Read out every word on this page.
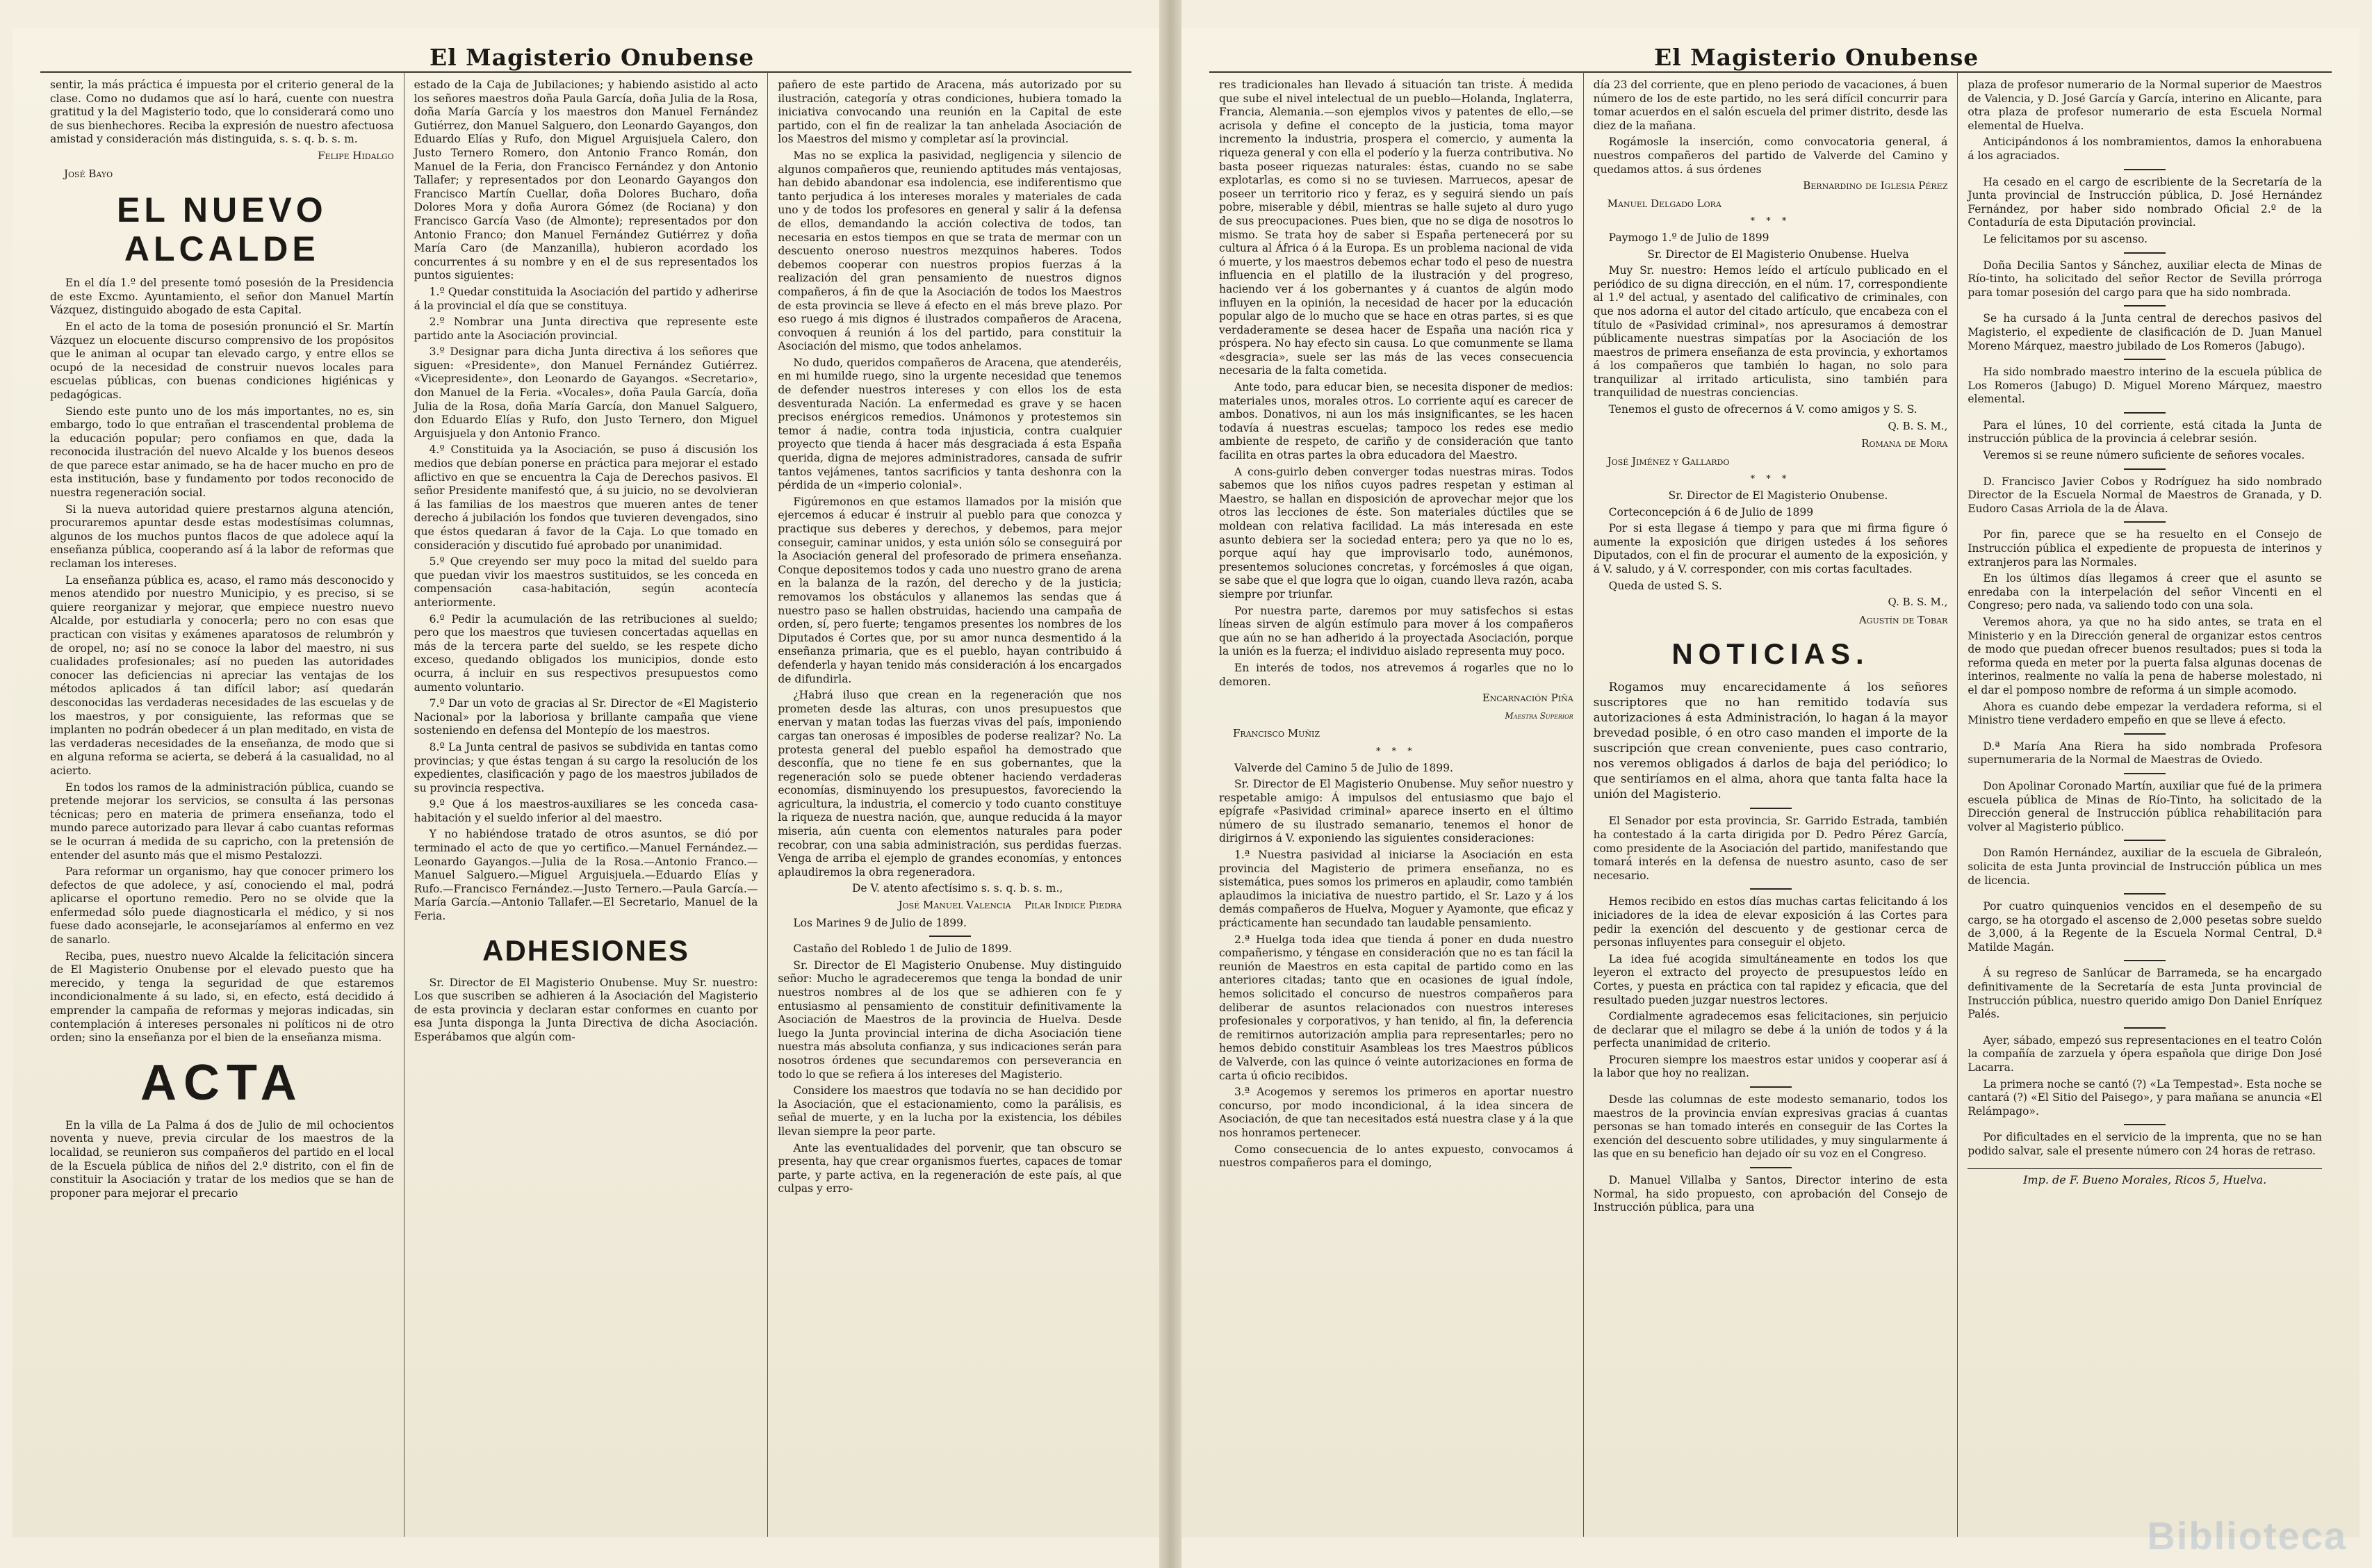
El Magisterio Onubense

sentir, la más práctica é impuesta por el criterio general de la clase. Como no dudamos que así lo hará, cuente con nuestra gratitud y la del Magisterio todo, que lo considerará como uno de sus bienhechores. Reciba la expresión de nuestro afectuosa amistad y consideración más distinguida, s. s. q. b. s. m.

Felipe Hidalgo
José Bayo
EL NUEVO ALCALDE

En el día 1.º del presente tomó posesión de la Presidencia de este Excmo. Ayuntamiento, el señor don Manuel Martín Vázquez, distinguido abogado de esta Capital.

En el acto de la toma de posesión pronunció el Sr. Martín Vázquez un elocuente discurso comprensivo de los propósitos que le animan al ocupar tan elevado cargo, y entre ellos se ocupó de la necesidad de construir nuevos locales para escuelas públicas, con buenas condiciones higiénicas y pedagógicas.

Siendo este punto uno de los más importantes, no es, sin embargo, todo lo que entrañan el trascendental problema de la educación popular; pero confiamos en que, dada la reconocida ilustración del nuevo Alcalde y los buenos deseos de que parece estar animado, se ha de hacer mucho en pro de esta institución, base y fundamento por todos reconocido de nuestra regeneración social.

Si la nueva autoridad quiere prestarnos alguna atención, procuraremos apuntar desde estas modestísimas columnas, algunos de los muchos puntos flacos de que adolece aquí la enseñanza pública, cooperando así á la labor de reformas que reclaman los intereses.

La enseñanza pública es, acaso, el ramo más desconocido y menos atendido por nuestro Municipio, y es preciso, si se quiere reorganizar y mejorar, que empiece nuestro nuevo Alcalde, por estudiarla y conocerla; pero no con esas que practican con visitas y exámenes aparatosos de relumbrón y de oropel, no; así no se conoce la labor del maestro, ni sus cualidades profesionales; así no pueden las autoridades conocer las deficiencias ni apreciar las ventajas de los métodos aplicados á tan difícil labor; así quedarán desconocidas las verdaderas necesidades de las escuelas y de los maestros, y por consiguiente, las reformas que se implanten no podrán obedecer á un plan meditado, en vista de las verdaderas necesidades de la enseñanza, de modo que si en alguna reforma se acierta, se deberá á la casualidad, no al acierto.

En todos los ramos de la administración pública, cuando se pretende mejorar los servicios, se consulta á las personas técnicas; pero en materia de primera enseñanza, todo el mundo parece autorizado para llevar á cabo cuantas reformas se le ocurran á medida de su capricho, con la pretensión de entender del asunto más que el mismo Pestalozzi.

Para reformar un organismo, hay que conocer primero los defectos de que adolece, y así, conociendo el mal, podrá aplicarse el oportuno remedio. Pero no se olvide que la enfermedad sólo puede diagnosticarla el médico, y si nos fuese dado aconsejarle, le aconsejaríamos al enfermo en vez de sanarlo.

Reciba, pues, nuestro nuevo Alcalde la felicitación sincera de El Magisterio Onubense por el elevado puesto que ha merecido, y tenga la seguridad de que estaremos incondicionalmente á su lado, si, en efecto, está decidido á emprender la campaña de reformas y mejoras indicadas, sin contemplación á intereses personales ni políticos ni de otro orden; sino la enseñanza por el bien de la enseñanza misma.

ACTA

En la villa de La Palma á dos de Julio de mil ochocientos noventa y nueve, previa circular de los maestros de la localidad, se reunieron sus compañeros del partido en el local de la Escuela pública de niños del 2.º distrito, con el fin de constituir la Asociación y tratar de los medios que se han de proponer para mejorar el precario

estado de la Caja de Jubilaciones; y habiendo asistido al acto los señores maestros doña Paula García, doña Julia de la Rosa, doña María García y los maestros don Manuel Fernández Gutiérrez, don Manuel Salguero, don Leonardo Gayangos, don Eduardo Elías y Rufo, don Miguel Arguisjuela Calero, don Justo Ternero Romero, don Antonio Franco Román, don Manuel de la Feria, don Francisco Fernández y don Antonio Tallafer; y representados por don Leonardo Gayangos don Francisco Martín Cuellar, doña Dolores Bucharo, doña Dolores Mora y doña Aurora Gómez (de Rociana) y don Francisco García Vaso (de Almonte); representados por don Antonio Franco; don Manuel Fernández Gutiérrez y doña María Caro (de Manzanilla), hubieron acordado los concurrentes á su nombre y en el de sus representados los puntos siguientes:

1.º Quedar constituida la Asociación del partido y adherirse á la provincial el día que se constituya.

2.º Nombrar una Junta directiva que represente este partido ante la Asociación provincial.

3.º Designar para dicha Junta directiva á los señores que siguen: «Presidente», don Manuel Fernández Gutiérrez. «Vicepresidente», don Leonardo de Gayangos. «Secretario», don Manuel de la Feria. «Vocales», doña Paula García, doña Julia de la Rosa, doña María García, don Manuel Salguero, don Eduardo Elías y Rufo, don Justo Ternero, don Miguel Arguisjuela y don Antonio Franco.

4.º Constituida ya la Asociación, se puso á discusión los medios que debían ponerse en práctica para mejorar el estado aflictivo en que se encuentra la Caja de Derechos pasivos. El señor Presidente manifestó que, á su juicio, no se devolvieran á las familias de los maestros que mueren antes de tener derecho á jubilación los fondos que tuvieren devengados, sino que éstos quedaran á favor de la Caja. Lo que tomado en consideración y discutido fué aprobado por unanimidad.

5.º Que creyendo ser muy poco la mitad del sueldo para que puedan vivir los maestros sustituidos, se les conceda en compensación casa-habitación, según acontecía anteriormente.

6.º Pedir la acumulación de las retribuciones al sueldo; pero que los maestros que tuviesen concertadas aquellas en más de la tercera parte del sueldo, se les respete dicho exceso, quedando obligados los municipios, donde esto ocurra, á incluir en sus respectivos presupuestos como aumento voluntario.

7.º Dar un voto de gracias al Sr. Director de «El Magisterio Nacional» por la laboriosa y brillante campaña que viene sosteniendo en defensa del Montepío de los maestros.

8.º La Junta central de pasivos se subdivida en tantas como provincias; y que éstas tengan á su cargo la resolución de los expedientes, clasificación y pago de los maestros jubilados de su provincia respectiva.

9.º Que á los maestros-auxiliares se les conceda casa-habitación y el sueldo inferior al del maestro.

Y no habiéndose tratado de otros asuntos, se dió por terminado el acto de que yo certifico.—Manuel Fernández.—Leonardo Gayangos.—Julia de la Rosa.—Antonio Franco.—Manuel Salguero.—Miguel Arguisjuela.—Eduardo Elías y Rufo.—Francisco Fernández.—Justo Ternero.—Paula García.—María García.—Antonio Tallafer.—El Secretario, Manuel de la Feria.

ADHESIONES

Sr. Director de El Magisterio Onubense. Muy Sr. nuestro: Los que suscriben se adhieren á la Asociación del Magisterio de esta provincia y declaran estar conformes en cuanto por esa Junta disponga la Junta Directiva de dicha Asociación. Esperábamos que algún com-

pañero de este partido de Aracena, más autorizado por su ilustración, categoría y otras condiciones, hubiera tomado la iniciativa convocando una reunión en la Capital de este partido, con el fin de realizar la tan anhelada Asociación de los Maestros del mismo y completar así la provincial.

Mas no se explica la pasividad, negligencia y silencio de algunos compañeros que, reuniendo aptitudes más ventajosas, han debido abandonar esa indolencia, ese indiferentismo que tanto perjudica á los intereses morales y materiales de cada uno y de todos los profesores en general y salir á la defensa de ellos, demandando la acción colectiva de todos, tan necesaria en estos tiempos en que se trata de mermar con un descuento oneroso nuestros mezquinos haberes. Todos debemos cooperar con nuestros propios fuerzas á la realización del gran pensamiento de nuestros dignos compañeros, á fin de que la Asociación de todos los Maestros de esta provincia se lleve á efecto en el más breve plazo. Por eso ruego á mis dignos é ilustrados compañeros de Aracena, convoquen á reunión á los del partido, para constituir la Asociación del mismo, que todos anhelamos.

No dudo, queridos compañeros de Aracena, que atenderéis, en mi humilde ruego, sino la urgente necesidad que tenemos de defender nuestros intereses y con ellos los de esta desventurada Nación. La enfermedad es grave y se hacen precisos enérgicos remedios. Unámonos y protestemos sin temor á nadie, contra toda injusticia, contra cualquier proyecto que tienda á hacer más desgraciada á esta España querida, digna de mejores administradores, cansada de sufrir tantos vejámenes, tantos sacrificios y tanta deshonra con la pérdida de un «imperio colonial».

Figúremonos en que estamos llamados por la misión que ejercemos á educar é instruir al pueblo para que conozca y practique sus deberes y derechos, y debemos, para mejor conseguir, caminar unidos, y esta unión sólo se conseguirá por la Asociación general del profesorado de primera enseñanza. Conque depositemos todos y cada uno nuestro grano de arena en la balanza de la razón, del derecho y de la justicia; removamos los obstáculos y allanemos las sendas que á nuestro paso se hallen obstruidas, haciendo una campaña de orden, sí, pero fuerte; tengamos presentes los nombres de los Diputados é Cortes que, por su amor nunca desmentido á la enseñanza primaria, que es el pueblo, hayan contribuido á defenderla y hayan tenido más consideración á los encargados de difundirla.

¿Habrá iluso que crean en la regeneración que nos prometen desde las alturas, con unos presupuestos que enervan y matan todas las fuerzas vivas del país, imponiendo cargas tan onerosas é imposibles de poderse realizar? No. La protesta general del pueblo español ha demostrado que desconfía, que no tiene fe en sus gobernantes, que la regeneración solo se puede obtener haciendo verdaderas economías, disminuyendo los presupuestos, favoreciendo la agricultura, la industria, el comercio y todo cuanto constituye la riqueza de nuestra nación, que, aunque reducida á la mayor miseria, aún cuenta con elementos naturales para poder recobrar, con una sabia administración, sus perdidas fuerzas. Venga de arriba el ejemplo de grandes economías, y entonces aplaudiremos la obra regeneradora.

De V. atento afectísimo s. s. q. b. s. m.,

José Manuel Valencia Pilar Indice Piedra

Los Marines 9 de Julio de 1899.

Castaño del Robledo 1 de Julio de 1899.

Sr. Director de El Magisterio Onubense. Muy distinguido señor: Mucho le agradeceremos que tenga la bondad de unir nuestros nombres al de los que se adhieren con fe y entusiasmo al pensamiento de constituir definitivamente la Asociación de Maestros de la provincia de Huelva. Desde luego la Junta provincial interina de dicha Asociación tiene nuestra más absoluta confianza, y sus indicaciones serán para nosotros órdenes que secundaremos con perseverancia en todo lo que se refiera á los intereses del Magisterio.

Considere los maestros que todavía no se han decidido por la Asociación, que el estacionamiento, como la parálisis, es señal de muerte, y en la lucha por la existencia, los débiles llevan siempre la peor parte.

Ante las eventualidades del porvenir, que tan obscuro se presenta, hay que crear organismos fuertes, capaces de tomar parte, y parte activa, en la regeneración de este país, al que culpas y erro-

El Magisterio Onubense

res tradicionales han llevado á situación tan triste. Á medida que sube el nivel intelectual de un pueblo—Holanda, Inglaterra, Francia, Alemania.—son ejemplos vivos y patentes de ello,—se acrisola y define el concepto de la justicia, toma mayor incremento la industria, prospera el comercio, y aumenta la riqueza general y con ella el poderío y la fuerza contributiva. No basta poseer riquezas naturales: éstas, cuando no se sabe explotarlas, es como si no se tuviesen. Marruecos, apesar de poseer un territorio rico y feraz, es y seguirá siendo un país pobre, miserable y débil, mientras se halle sujeto al duro yugo de sus preocupaciones. Pues bien, que no se diga de nosotros lo mismo. Se trata hoy de saber si España pertenecerá por su cultura al África ó á la Europa. Es un problema nacional de vida ó muerte, y los maestros debemos echar todo el peso de nuestra influencia en el platillo de la ilustración y del progreso, haciendo ver á los gobernantes y á cuantos de algún modo influyen en la opinión, la necesidad de hacer por la educación popular algo de lo mucho que se hace en otras partes, si es que verdaderamente se desea hacer de España una nación rica y próspera. No hay efecto sin causa. Lo que comunmente se llama «desgracia», suele ser las más de las veces consecuencia necesaria de la falta cometida.

Ante todo, para educar bien, se necesita disponer de medios: materiales unos, morales otros. Lo corriente aquí es carecer de ambos. Donativos, ni aun los más insignificantes, se les hacen todavía á nuestras escuelas; tampoco los redes ese medio ambiente de respeto, de cariño y de consideración que tanto facilita en otras partes la obra educadora del Maestro.

A cons-guirlo deben converger todas nuestras miras. Todos sabemos que los niños cuyos padres respetan y estiman al Maestro, se hallan en disposición de aprovechar mejor que los otros las lecciones de éste. Son materiales dúctiles que se moldean con relativa facilidad. La más interesada en este asunto debiera ser la sociedad entera; pero ya que no lo es, porque aquí hay que improvisarlo todo, aunémonos, presentemos soluciones concretas, y forcémosles á que oigan, se sabe que el que logra que lo oigan, cuando lleva razón, acaba siempre por triunfar.

Por nuestra parte, daremos por muy satisfechos si estas líneas sirven de algún estímulo para mover á los compañeros que aún no se han adherido á la proyectada Asociación, porque la unión es la fuerza; el individuo aislado representa muy poco.

En interés de todos, nos atrevemos á rogarles que no lo demoren.

Encarnación Piña
Maestra Superior
Francisco Muñiz
* * *

Valverde del Camino 5 de Julio de 1899.

Sr. Director de El Magisterio Onubense. Muy señor nuestro y respetable amigo: Á impulsos del entusiasmo que bajo el epígrafe «Pasividad criminal» aparece inserto en el último número de su ilustrado semanario, tenemos el honor de dirigirnos á V. exponiendo las siguientes consideraciones:

1.ª Nuestra pasividad al iniciarse la Asociación en esta provincia del Magisterio de primera enseñanza, no es sistemática, pues somos los primeros en aplaudir, como también aplaudimos la iniciativa de nuestro partido, el Sr. Lazo y á los demás compañeros de Huelva, Moguer y Ayamonte, que eficaz y prácticamente han secundado tan laudable pensamiento.

2.ª Huelga toda idea que tienda á poner en duda nuestro compañerismo, y téngase en consideración que no es tan fácil la reunión de Maestros en esta capital de partido como en las anteriores citadas; tanto que en ocasiones de igual índole, hemos solicitado el concurso de nuestros compañeros para deliberar de asuntos relacionados con nuestros intereses profesionales y corporativos, y han tenido, al fin, la deferencia de remitirnos autorización amplia para representarles; pero no hemos debido constituir Asambleas los tres Maestros públicos de Valverde, con las quince ó veinte autorizaciones en forma de carta ú oficio recibidos.

3.ª Acogemos y seremos los primeros en aportar nuestro concurso, por modo incondicional, á la idea sincera de Asociación, de que tan necesitados está nuestra clase y á la que nos honramos pertenecer.

Como consecuencia de lo antes expuesto, convocamos á nuestros compañeros para el domingo,

día 23 del corriente, que en pleno periodo de vacaciones, á buen número de los de este partido, no les será difícil concurrir para tomar acuerdos en el salón escuela del primer distrito, desde las diez de la mañana.

Rogámosle la inserción, como convocatoria general, á nuestros compañeros del partido de Valverde del Camino y quedamos attos. á sus órdenes

Bernardino de Iglesia Pérez
Manuel Delgado Lora
* * *

Paymogo 1.º de Julio de 1899

Sr. Director de El Magisterio Onubense. Huelva

Muy Sr. nuestro: Hemos leído el artículo publicado en el periódico de su digna dirección, en el núm. 17, correspondiente al 1.º del actual, y asentado del calificativo de criminales, con que nos adorna el autor del citado artículo, que encabeza con el título de «Pasividad criminal», nos apresuramos á demostrar públicamente nuestras simpatías por la Asociación de los maestros de primera enseñanza de esta provincia, y exhortamos á los compañeros que también lo hagan, no solo para tranquilizar al irritado articulista, sino también para tranquilidad de nuestras conciencias.

Tenemos el gusto de ofrecernos á V. como amigos y S. S.

Q. B. S. M.,
Romana de Mora
José Jiménez y Gallardo
* * *

Sr. Director de El Magisterio Onubense.

Corteconcepción á 6 de Julio de 1899

Por si esta llegase á tiempo y para que mi firma figure ó aumente la exposición que dirigen ustedes á los señores Diputados, con el fin de procurar el aumento de la exposición, y á V. saludo, y á V. corresponder, con mis cortas facultades.

Queda de usted S. S.

Q. B. S. M.,
Agustín de Tobar
NOTICIAS.

Rogamos muy encarecidamente á los señores suscriptores que no han remitido todavía sus autorizaciones á esta Administración, lo hagan á la mayor brevedad posible, ó en otro caso manden el importe de la suscripción que crean conveniente, pues caso contrario, nos veremos obligados á darlos de baja del periódico; lo que sentiríamos en el alma, ahora que tanta falta hace la unión del Magisterio.

El Senador por esta provincia, Sr. Garrido Estrada, también ha contestado á la carta dirigida por D. Pedro Pérez García, como presidente de la Asociación del partido, manifestando que tomará interés en la defensa de nuestro asunto, caso de ser necesario.

Hemos recibido en estos días muchas cartas felicitando á los iniciadores de la idea de elevar exposición á las Cortes para pedir la exención del descuento y de gestionar cerca de personas influyentes para conseguir el objeto.

La idea fué acogida simultáneamente en todos los que leyeron el extracto del proyecto de presupuestos leído en Cortes, y puesta en práctica con tal rapidez y eficacia, que del resultado pueden juzgar nuestros lectores.

Cordialmente agradecemos esas felicitaciones, sin perjuicio de declarar que el milagro se debe á la unión de todos y á la perfecta unanimidad de criterio.

Procuren siempre los maestros estar unidos y cooperar así á la labor que hoy no realizan.

Desde las columnas de este modesto semanario, todos los maestros de la provincia envían expresivas gracias á cuantas personas se han tomado interés en conseguir de las Cortes la exención del descuento sobre utilidades, y muy singularmente á las que en su beneficio han dejado oír su voz en el Congreso.

D. Manuel Villalba y Santos, Director interino de esta Normal, ha sido propuesto, con aprobación del Consejo de Instrucción pública, para una

plaza de profesor numerario de la Normal superior de Maestros de Valencia, y D. José García y García, interino en Alicante, para otra plaza de profesor numerario de esta Escuela Normal elemental de Huelva.

Anticipándonos á los nombramientos, damos la enhorabuena á los agraciados.

Ha cesado en el cargo de escribiente de la Secretaría de la Junta provincial de Instrucción pública, D. José Hernández Fernández, por haber sido nombrado Oficial 2.º de la Contaduría de esta Diputación provincial.

Le felicitamos por su ascenso.

Doña Decilia Santos y Sánchez, auxiliar electa de Minas de Río-tinto, ha solicitado del señor Rector de Sevilla prórroga para tomar posesión del cargo para que ha sido nombrada.

Se ha cursado á la Junta central de derechos pasivos del Magisterio, el expediente de clasificación de D. Juan Manuel Moreno Márquez, maestro jubilado de Los Romeros (Jabugo).

Ha sido nombrado maestro interino de la escuela pública de Los Romeros (Jabugo) D. Miguel Moreno Márquez, maestro elemental.

Para el lúnes, 10 del corriente, está citada la Junta de instrucción pública de la provincia á celebrar sesión.

Veremos si se reune número suficiente de señores vocales.

D. Francisco Javier Cobos y Rodríguez ha sido nombrado Director de la Escuela Normal de Maestros de Granada, y D. Eudoro Casas Arriola de la de Álava.

Por fin, parece que se ha resuelto en el Consejo de Instrucción pública el expediente de propuesta de interinos y extranjeros para las Normales.

En los últimos días llegamos á creer que el asunto se enredaba con la interpelación del señor Vincenti en el Congreso; pero nada, va saliendo todo con una sola.

Veremos ahora, ya que no ha sido antes, se trata en el Ministerio y en la Dirección general de organizar estos centros de modo que puedan ofrecer buenos resultados; pues si toda la reforma queda en meter por la puerta falsa algunas docenas de interinos, realmente no valía la pena de haberse molestado, ni el dar el pomposo nombre de reforma á un simple acomodo.

Ahora es cuando debe empezar la verdadera reforma, si el Ministro tiene verdadero empeño en que se lleve á efecto.

D.ª María Ana Riera ha sido nombrada Profesora supernumeraria de la Normal de Maestras de Oviedo.

Don Apolinar Coronado Martín, auxiliar que fué de la primera escuela pública de Minas de Río-Tinto, ha solicitado de la Dirección general de Instrucción pública rehabilitación para volver al Magisterio público.

Don Ramón Hernández, auxiliar de la escuela de Gibraleón, solicita de esta Junta provincial de Instrucción pública un mes de licencia.

Por cuatro quinquenios vencidos en el desempeño de su cargo, se ha otorgado el ascenso de 2,000 pesetas sobre sueldo de 3,000, á la Regente de la Escuela Normal Central, D.ª Matilde Magán.

Á su regreso de Sanlúcar de Barrameda, se ha encargado definitivamente de la Secretaría de esta Junta provincial de Instrucción pública, nuestro querido amigo Don Daniel Enríquez Palés.

Ayer, sábado, empezó sus representaciones en el teatro Colón la compañía de zarzuela y ópera española que dirige Don José Lacarra.

La primera noche se cantó (?) «La Tempestad». Esta noche se cantará (?) «El Sitio del Paisego», y para mañana se anuncia «El Relámpago».

Por dificultades en el servicio de la imprenta, que no se han podido salvar, sale el presente número con 24 horas de retraso.

Imp. de F. Bueno Morales, Ricos 5, Huelva.
Biblioteca
